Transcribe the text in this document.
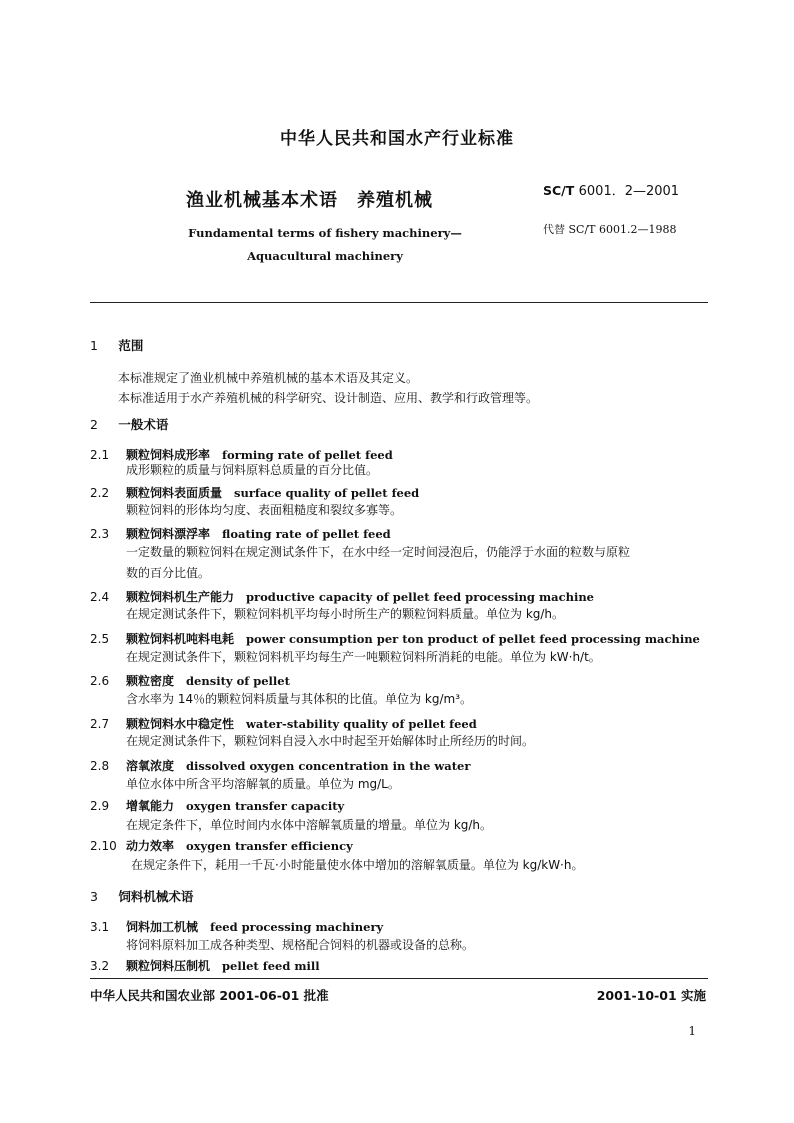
中华人民共和国水产行业标准
渔业机械基本术语　养殖机械	SC/T 6001．2—2001
Fundamental terms of fishery machinery—
Aquacultural machinery
代替 SC/T 6001.2—1988
1 范围
本标准规定了渔业机械中养殖机械的基本术语及其定义。
本标准适用于水产养殖机械的科学研究、设计制造、应用、教学和行政管理等。
2 一般术语
2.1 颗粒饲料成形率 forming rate of pellet feed
成形颗粒的质量与饲料原料总质量的百分比值。
2.2 颗粒饲料表面质量 surface quality of pellet feed
颗粒饲料的形体均匀度、表面粗糙度和裂纹多寡等。
2.3 颗粒饲料漂浮率 floating rate of pellet feed
一定数量的颗粒饲料在规定测试条件下，在水中经一定时间浸泡后，仍能浮于水面的粒数与原粒
数的百分比值。
2.4 颗粒饲料机生产能力 productive capacity of pellet feed processing machine
在规定测试条件下，颗粒饲料机平均每小时所生产的颗粒饲料质量。单位为 kg/h。
2.5 颗粒饲料机吨料电耗 power consumption per ton product of pellet feed processing machine
在规定测试条件下，颗粒饲料机平均每生产一吨颗粒饲料所消耗的电能。单位为 kW·h/t。
2.6 颗粒密度 density of pellet
含水率为 14％的颗粒饲料质量与其体积的比值。单位为 kg/m³。
2.7 颗粒饲料水中稳定性 water-stability quality of pellet feed
在规定测试条件下，颗粒饲料自浸入水中时起至开始解体时止所经历的时间。
2.8 溶氧浓度 dissolved oxygen concentration in the water
单位水体中所含平均溶解氧的质量。单位为 mg/L。
2.9 增氧能力 oxygen transfer capacity
在规定条件下，单位时间内水体中溶解氧质量的增量。单位为 kg/h。
2.10 动力效率 oxygen transfer efficiency
在规定条件下，耗用一千瓦·小时能量使水体中增加的溶解氧质量。单位为 kg/kW·h。
3 饲料机械术语
3.1 饲料加工机械 feed processing machinery
将饲料原料加工成各种类型、规格配合饲料的机器或设备的总称。
3.2 颗粒饲料压制机 pellet feed mill
中华人民共和国农业部 2001-06-01 批准	2001-10-01 实施
1
